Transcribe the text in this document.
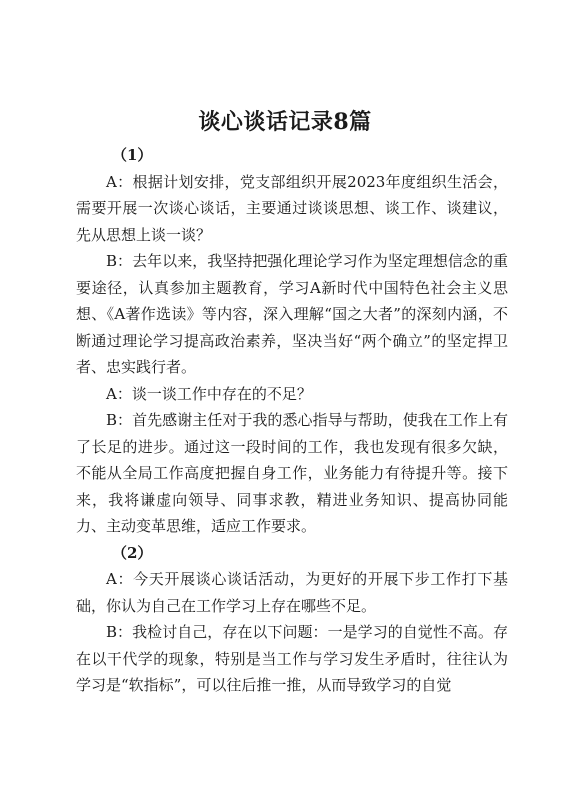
谈心谈话记录8篇

（1）

A：根据计划安排，党支部组织开展2023年度组织生活会，需要开展一次谈心谈话，主要通过谈谈思想、谈工作、谈建议，先从思想上谈一谈？

B：去年以来，我坚持把强化理论学习作为坚定理想信念的重要途径，认真参加主题教育，学习A新时代中国特色社会主义思想、《A著作选读》等内容，深入理解“国之大者”的深刻内涵，不断通过理论学习提高政治素养，坚决当好“两个确立”的坚定捍卫者、忠实践行者。

A：谈一谈工作中存在的不足？

B：首先感谢主任对于我的悉心指导与帮助，使我在工作上有了长足的进步。通过这一段时间的工作，我也发现有很多欠缺，不能从全局工作高度把握自身工作，业务能力有待提升等。接下来，我将谦虚向领导、同事求教，精进业务知识、提高协同能力、主动变革思维，适应工作要求。

（2）

A：今天开展谈心谈话活动，为更好的开展下步工作打下基础，你认为自己在工作学习上存在哪些不足。

B：我检讨自己，存在以下问题：一是学习的自觉性不高。存在以干代学的现象，特别是当工作与学习发生矛盾时，往往认为学习是“软指标”，可以往后推一推，从而导致学习的自觉
